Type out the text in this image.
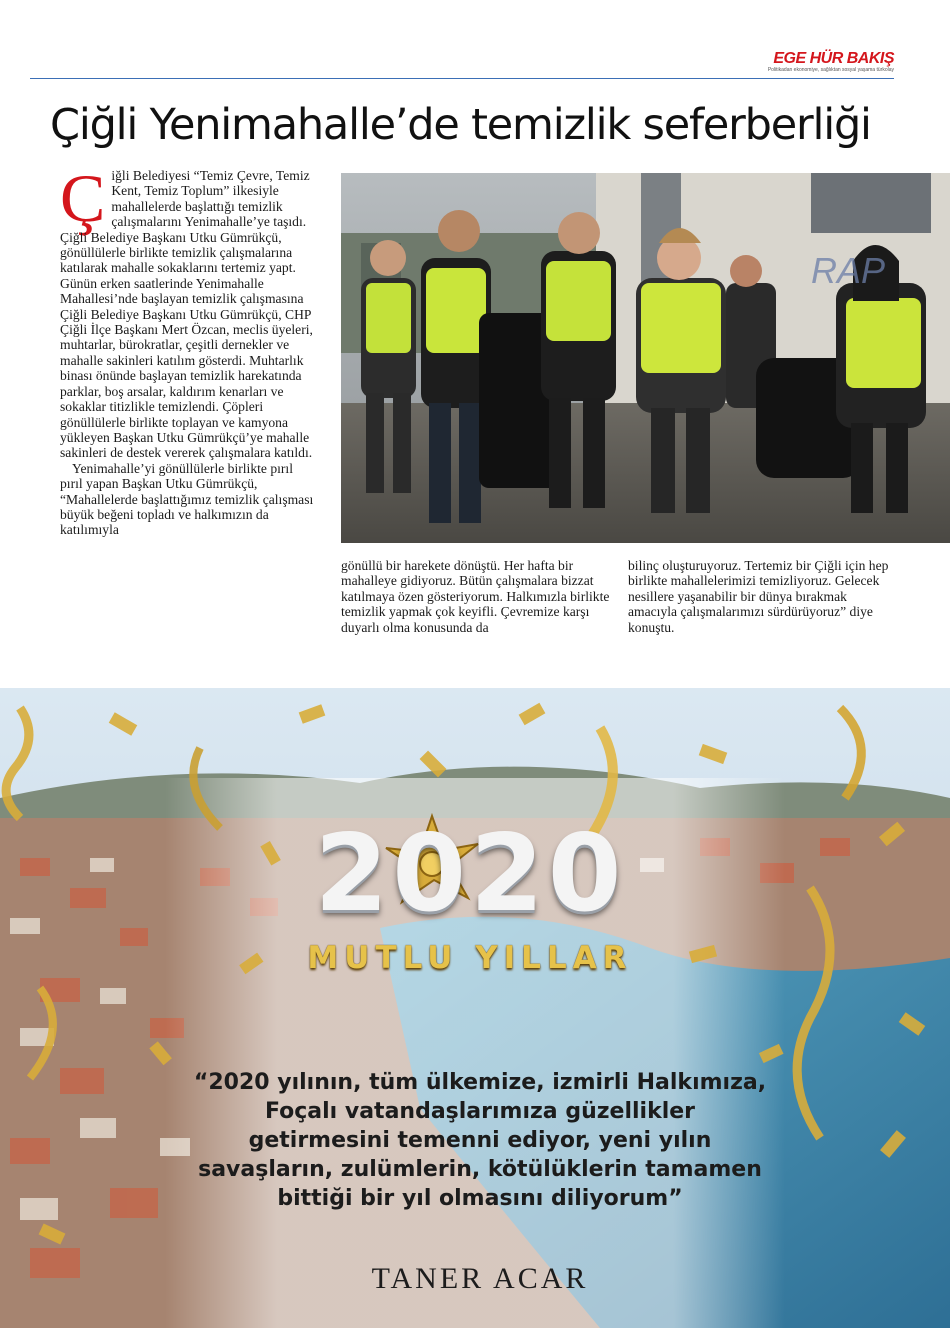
EGE HÜR BAKIŞ
Politikadan ekonomiye, sağlıktan sosyal yaşama türkolay
Çiğli Yenimahalle’de temizlik seferberliği
Ç iğli Belediyesi “Temiz Çevre, Temiz Kent, Temiz Toplum” ilkesiyle mahallelerde başlattığı temizlik çalışmalarını Yenimahalle’ye taşıdı. Çiğli Belediye Başkanı Utku Gümrükçü, gönüllülerle birlikte temizlik çalışmalarına katılarak mahalle sokaklarını tertemiz yapt. Günün erken saatlerinde Yenimahalle Mahallesi’nde başlayan temizlik çalışmasına Çiğli Belediye Başkanı Utku Gümrükçü, CHP Çiğli İlçe Başkanı Mert Özcan, meclis üyeleri, muhtarlar, bürokratlar, çeşitli dernekler ve mahalle sakinleri katılım gösterdi. Muhtarlık binası önünde başlayan temizlik harekatında parklar, boş arsalar, kaldırım kenarları ve sokaklar titizlikle temizlendi. Çöpleri gönüllülerle birlikte toplayan ve kamyona yükleyen Başkan Utku Gümrükçü’ye mahalle sakinleri de destek vererek çalışmalara katıldı.

Yenimahalle’yi gönüllülerle birlikte pırıl pırıl yapan Başkan Utku Gümrükçü, “Mahallelerde başlattığımız temizlik çalışması büyük beğeni topladı ve halkımızın da katılımıyla

RAP

gönüllü bir harekete dönüştü. Her hafta bir mahalleye gidiyoruz. Bütün çalışmalara bizzat katılmaya özen gösteriyorum. Halkımızla birlikte temizlik yapmak çok keyifli. Çevremize karşı duyarlı olma konusunda da

bilinç oluşturuyoruz. Tertemiz bir Çiğli için hep birlikte mahallelerimizi temizliyoruz. Gelecek nesillere yaşanabilir bir dünya bırakmak amacıyla çalışmalarımızı sürdürüyoruz” diye konuştu.

2020
MUTLU YILLAR
“2020 yılının, tüm ülkemize, izmirli Halkımıza,
Foçalı vatandaşlarımıza güzellikler
getirmesini temenni ediyor, yeni yılın
savaşların, zulümlerin, kötülüklerin tamamen
bittiği bir yıl olmasını diliyorum”
TANER ACAR
